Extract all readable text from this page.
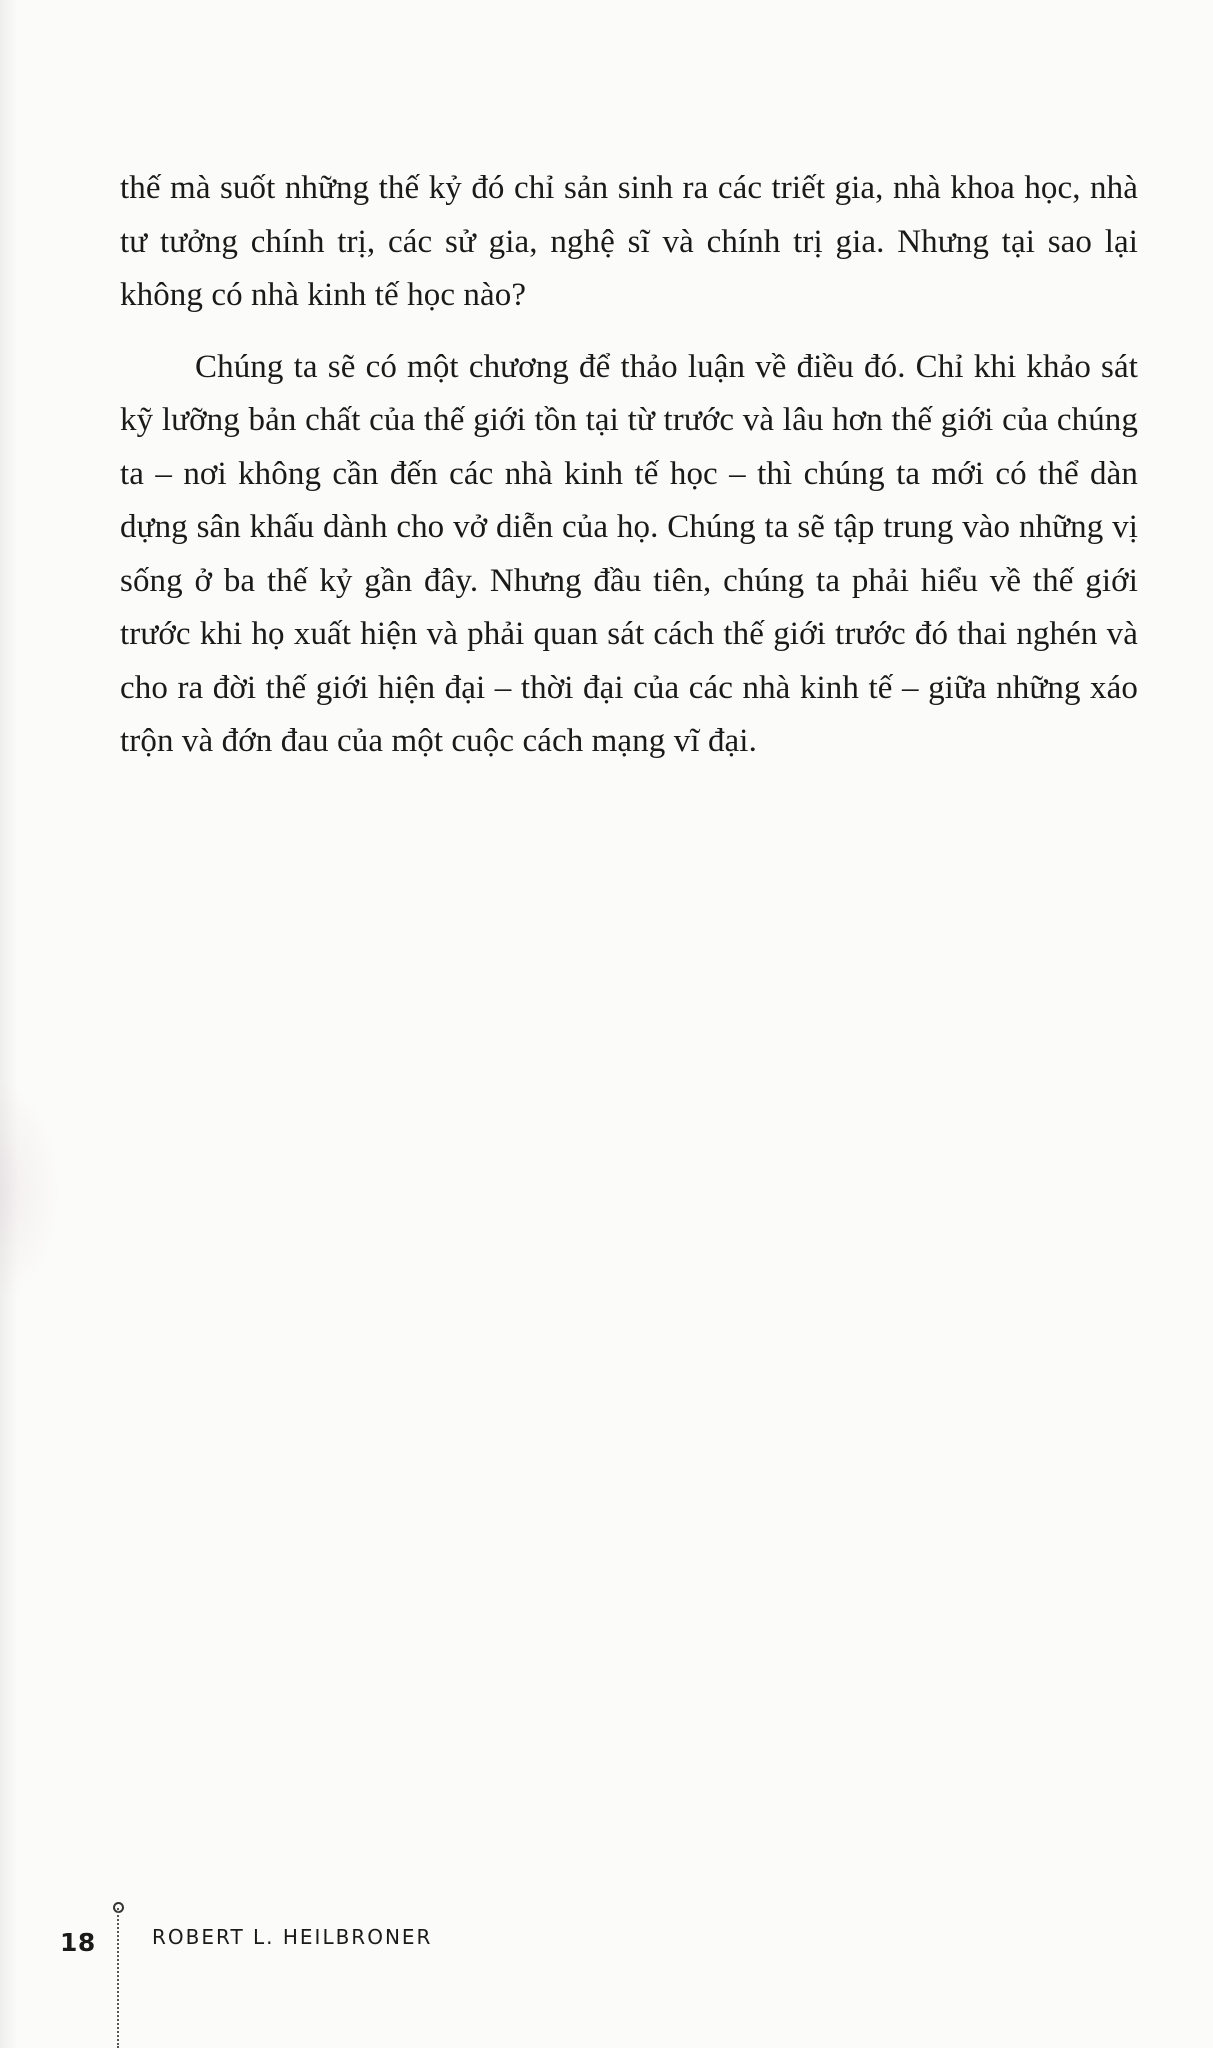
thế mà suốt những thế kỷ đó chỉ sản sinh ra các triết gia, nhà khoa học, nhà tư tưởng chính trị, các sử gia, nghệ sĩ và chính trị gia. Nhưng tại sao lại không có nhà kinh tế học nào?

Chúng ta sẽ có một chương để thảo luận về điều đó. Chỉ khi khảo sát kỹ lưỡng bản chất của thế giới tồn tại từ trước và lâu hơn thế giới của chúng ta – nơi không cần đến các nhà kinh tế học – thì chúng ta mới có thể dàn dựng sân khấu dành cho vở diễn của họ. Chúng ta sẽ tập trung vào những vị sống ở ba thế kỷ gần đây. Nhưng đầu tiên, chúng ta phải hiểu về thế giới trước khi họ xuất hiện và phải quan sát cách thế giới trước đó thai nghén và cho ra đời thế giới hiện đại – thời đại của các nhà kinh tế – giữa những xáo trộn và đớn đau của một cuộc cách mạng vĩ đại.

18	ROBERT L. HEILBRONER
